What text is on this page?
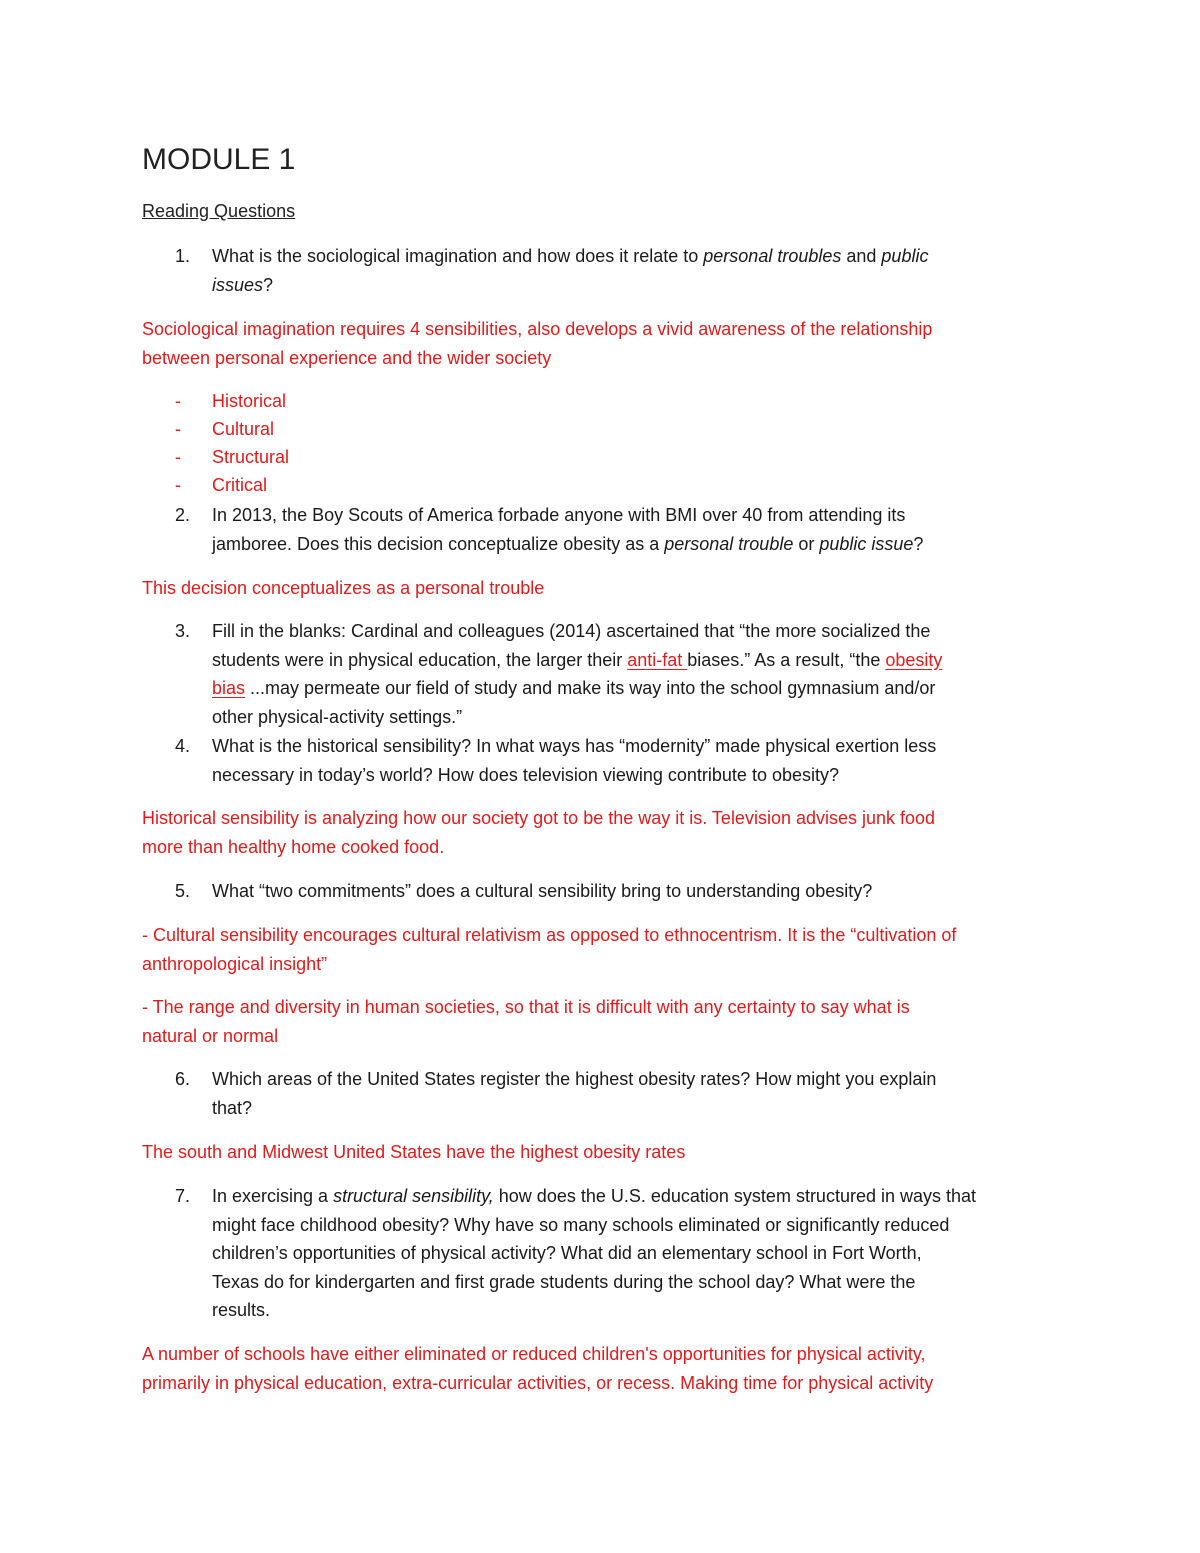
MODULE 1
Reading Questions
1. What is the sociological imagination and how does it relate to personal troubles and public
issues?
Sociological imagination requires 4 sensibilities, also develops a vivid awareness of the relationship
between personal experience and the wider society
- Historical
- Cultural
- Structural
- Critical
2. In 2013, the Boy Scouts of America forbade anyone with BMI over 40 from attending its
jamboree. Does this decision conceptualize obesity as a personal trouble or public issue?
This decision conceptualizes as a personal trouble
3. Fill in the blanks: Cardinal and colleagues (2014) ascertained that “the more socialized the
students were in physical education, the larger their anti-fat biases.” As a result, “the obesity
bias ...may permeate our field of study and make its way into the school gymnasium and/or
other physical-activity settings.”
4. What is the historical sensibility? In what ways has “modernity” made physical exertion less
necessary in today’s world? How does television viewing contribute to obesity?
Historical sensibility is analyzing how our society got to be the way it is. Television advises junk food
more than healthy home cooked food.
5. What “two commitments” does a cultural sensibility bring to understanding obesity?
- Cultural sensibility encourages cultural relativism as opposed to ethnocentrism. It is the “cultivation of
anthropological insight”
- The range and diversity in human societies, so that it is difficult with any certainty to say what is
natural or normal
6. Which areas of the United States register the highest obesity rates? How might you explain
that?
The south and Midwest United States have the highest obesity rates
7. In exercising a structural sensibility, how does the U.S. education system structured in ways that
might face childhood obesity? Why have so many schools eliminated or significantly reduced
children’s opportunities of physical activity? What did an elementary school in Fort Worth,
Texas do for kindergarten and first grade students during the school day? What were the
results.
A number of schools have either eliminated or reduced children's opportunities for physical activity,
primarily in physical education, extra-curricular activities, or recess. Making time for physical activity
